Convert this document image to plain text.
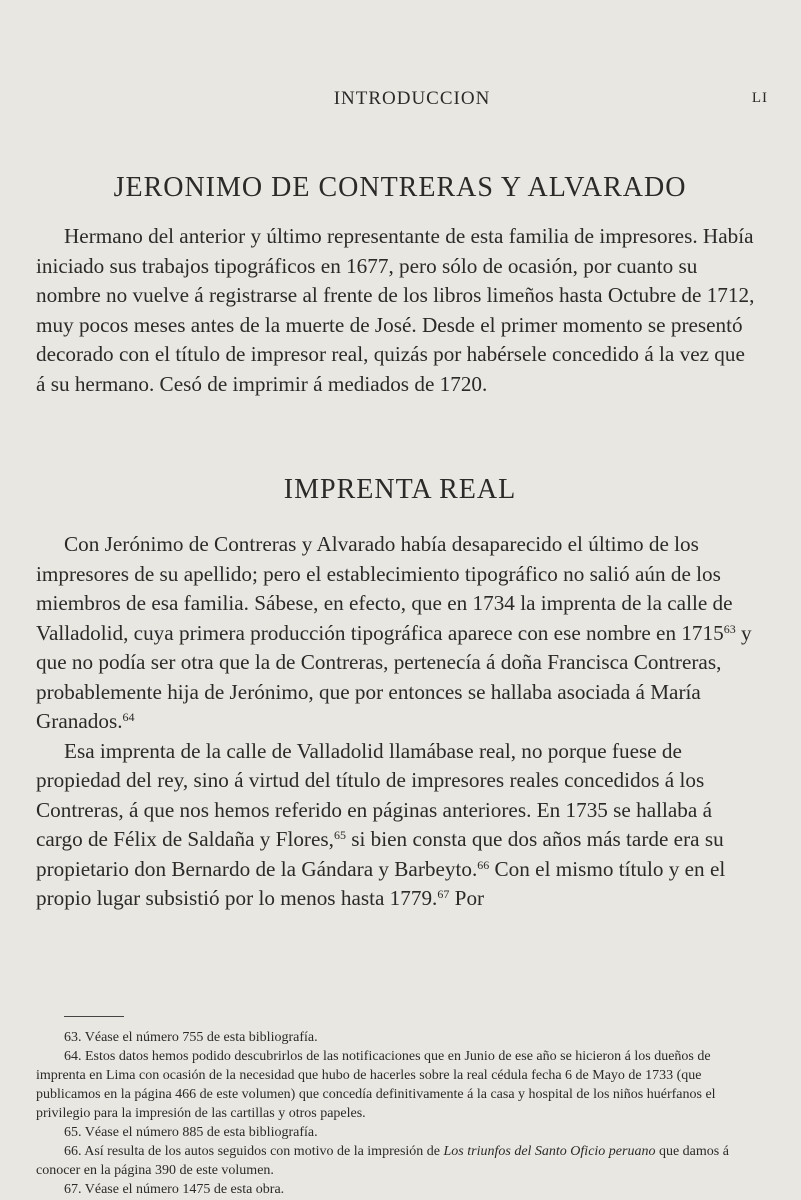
INTRODUCCION	LI
JERONIMO DE CONTRERAS Y ALVARADO

Hermano del anterior y último representante de esta familia de impresores. Había iniciado sus trabajos tipográficos en 1677, pero sólo de ocasión, por cuanto su nombre no vuelve á registrarse al frente de los libros limeños hasta Octubre de 1712, muy pocos meses antes de la muerte de José. Desde el primer momento se presentó decorado con el título de impresor real, quizás por habérsele concedido á la vez que á su hermano. Cesó de imprimir á mediados de 1720.

IMPRENTA REAL

Con Jerónimo de Contreras y Alvarado había desaparecido el último de los impresores de su apellido; pero el establecimiento tipográfico no salió aún de los miembros de esa familia. Sábese, en efecto, que en 1734 la imprenta de la calle de Valladolid, cuya primera producción tipográfica aparece con ese nombre en 1715$^{63}$ y que no podía ser otra que la de Contreras, pertenecía á doña Francisca Contreras, probablemente hija de Jerónimo, que por entonces se hallaba asociada á María Granados.$^{64}$

Esa imprenta de la calle de Valladolid llamábase real, no porque fuese de propiedad del rey, sino á virtud del título de impresores reales concedidos á los Contreras, á que nos hemos referido en páginas anteriores. En 1735 se hallaba á cargo de Félix de Saldaña y Flores,$^{65}$ si bien consta que dos años más tarde era su propietario don Bernardo de la Gándara y Barbeyto.$^{66}$ Con el mismo título y en el propio lugar subsistió por lo menos hasta 1779.67 Por

63. Véase el número 755 de esta bibliografía.

64. Estos datos hemos podido descubrirlos de las notificaciones que en Junio de ese año se hicieron á los dueños de imprenta en Lima con ocasión de la necesidad que hubo de hacerles sobre la real cédula fecha 6 de Mayo de 1733 (que publicamos en la página 466 de este volumen) que concedía definitivamente á la casa y hospital de los niños huérfanos el privilegio para la impresión de las cartillas y otros papeles.

65. Véase el número 885 de esta bibliografía.

66. Así resulta de los autos seguidos con motivo de la impresión de Los triunfos del Santo Oficio peruano que damos á conocer en la página 390 de este volumen.

67. Véase el número 1475 de esta obra.
